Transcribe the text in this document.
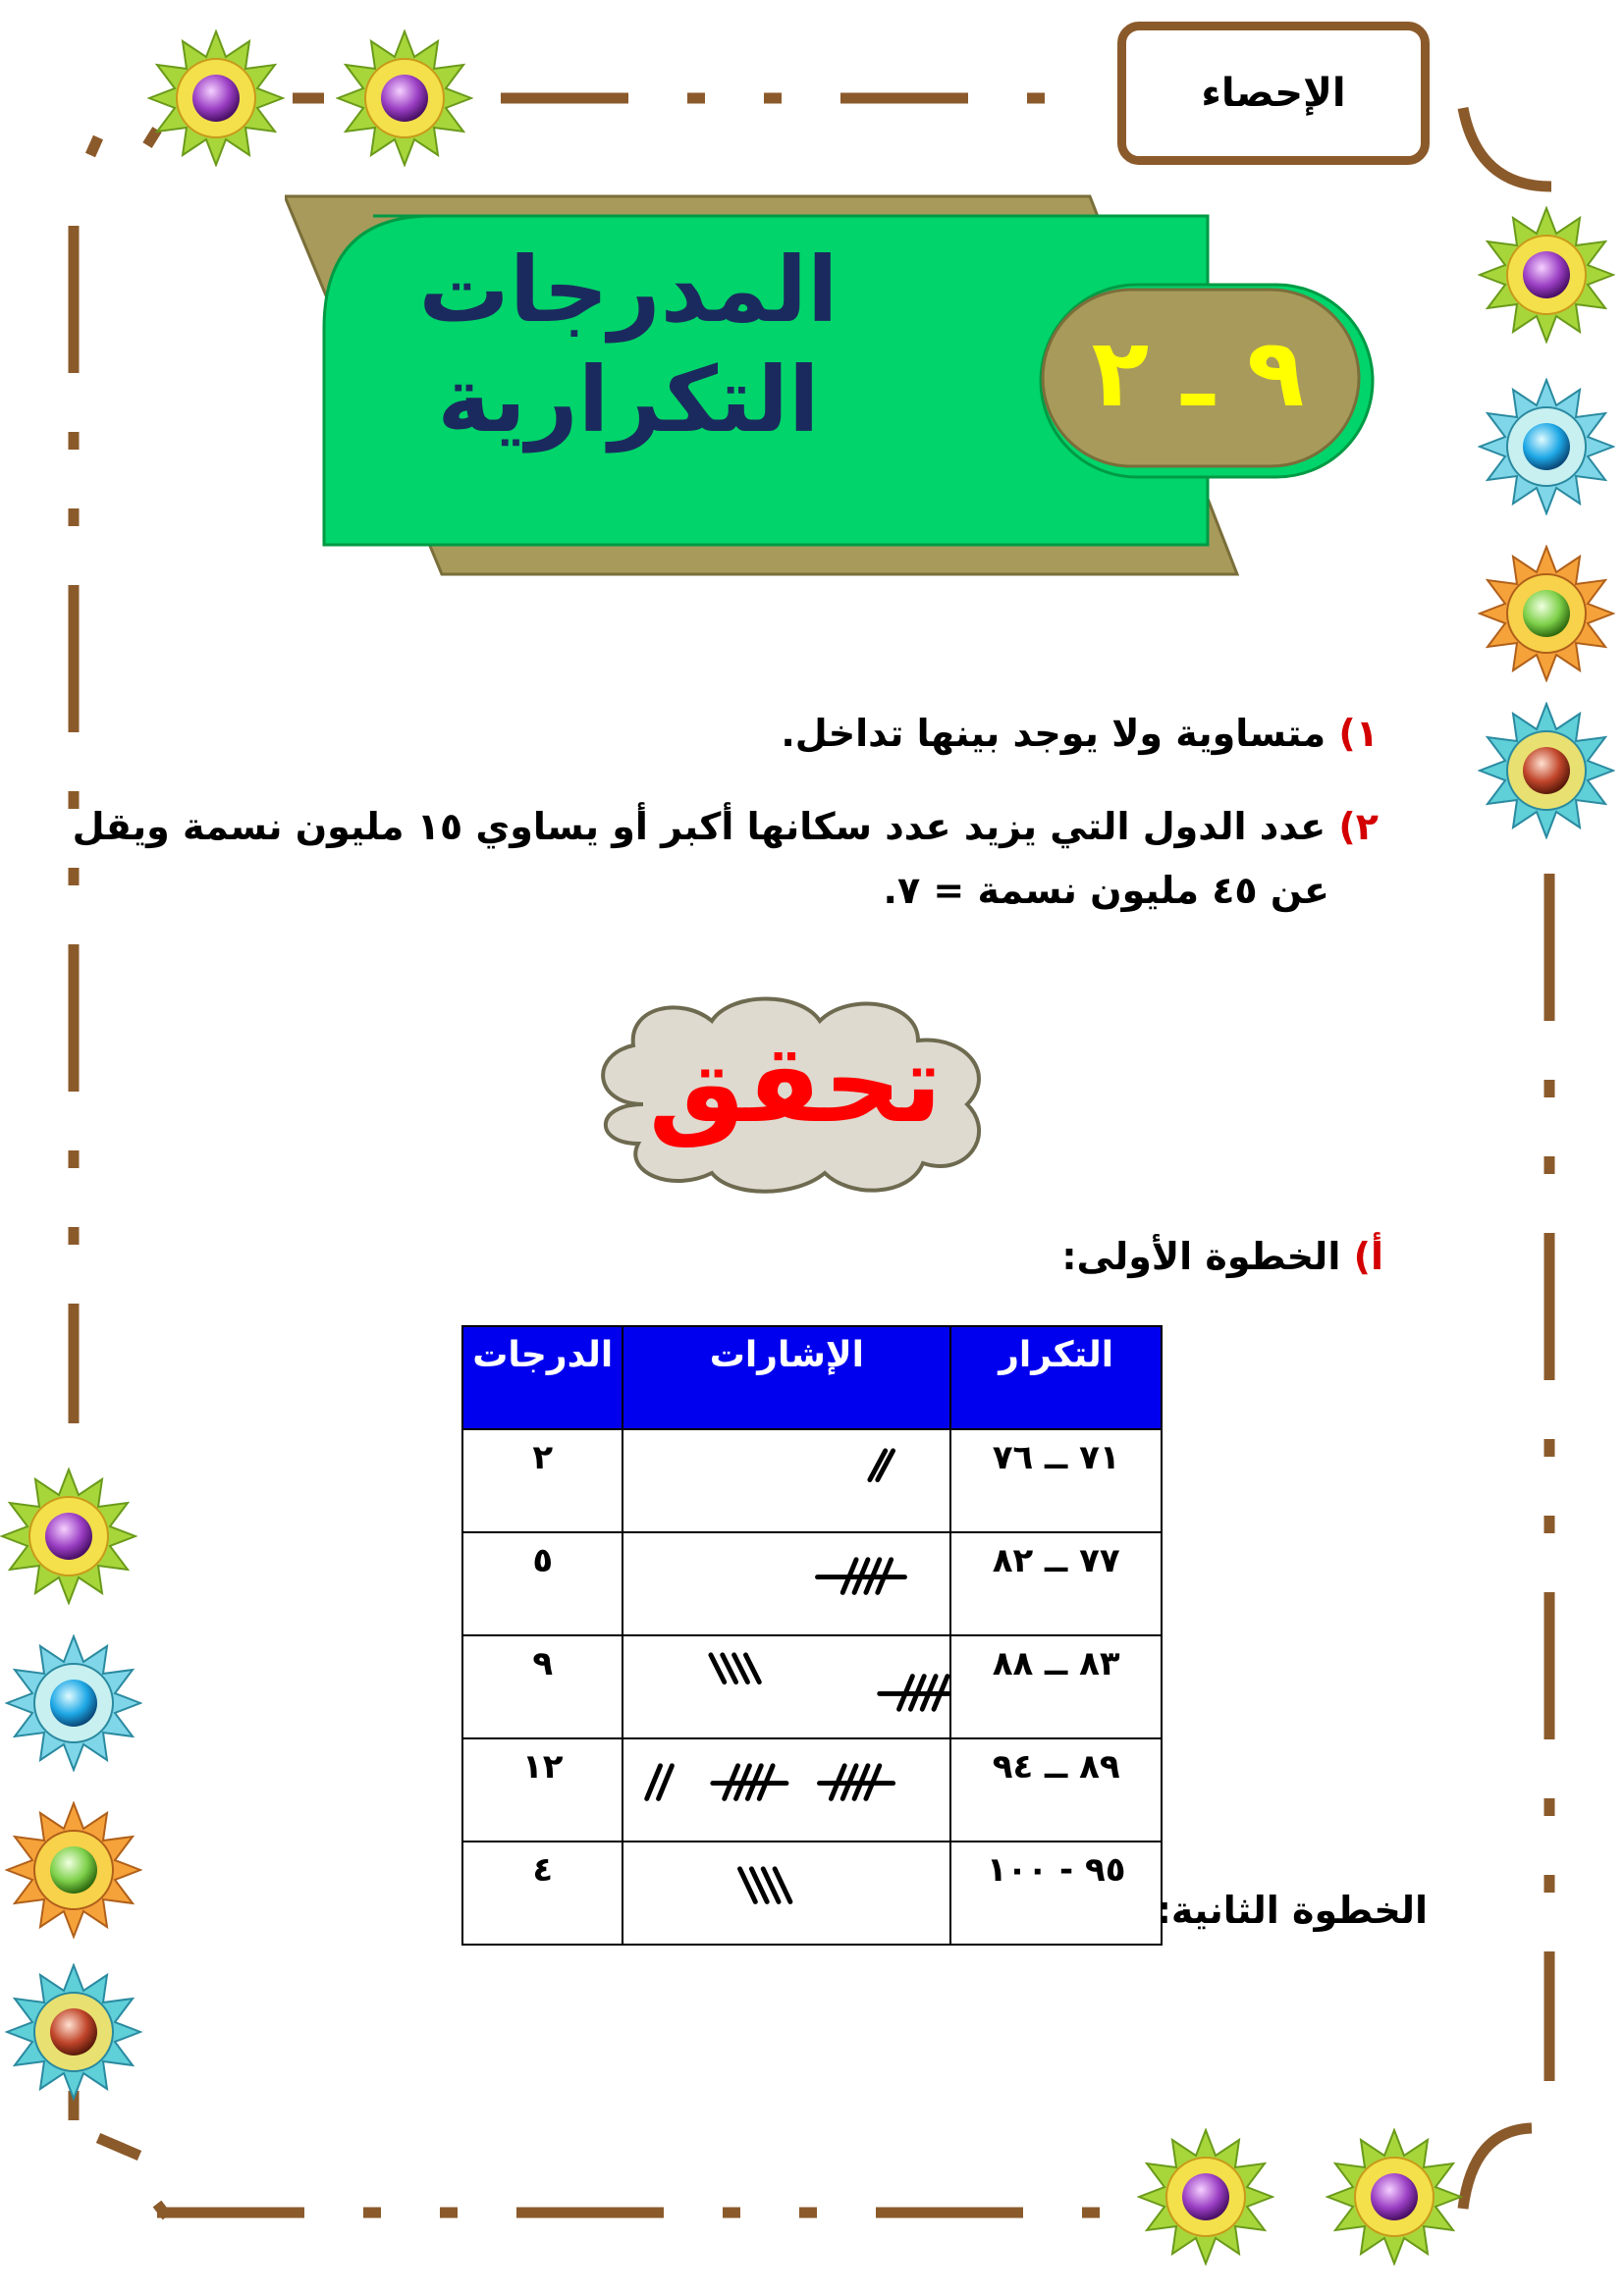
الإحصاء
المدرجات
التكرارية	٩ ـ ٢
١) متساوية ولا يوجد بينها تداخل.
٢) عدد الدول التي يزيد عدد سكانها أكبر أو يساوي ١٥ مليون نسمة ويقل
عن ٤٥ مليون نسمة = ٧.
تحقق
أ) الخطوة الأولى:
التكرار	الإشارات	الدرجات
٧١ ــ ٧٦		٢
٧٧ ــ ٨٢		٥
٨٣ ــ ٨٨		٩
٨٩ ــ ٩٤		١٢
٩٥ - ١٠٠		٤
الخطوة الثانية:
